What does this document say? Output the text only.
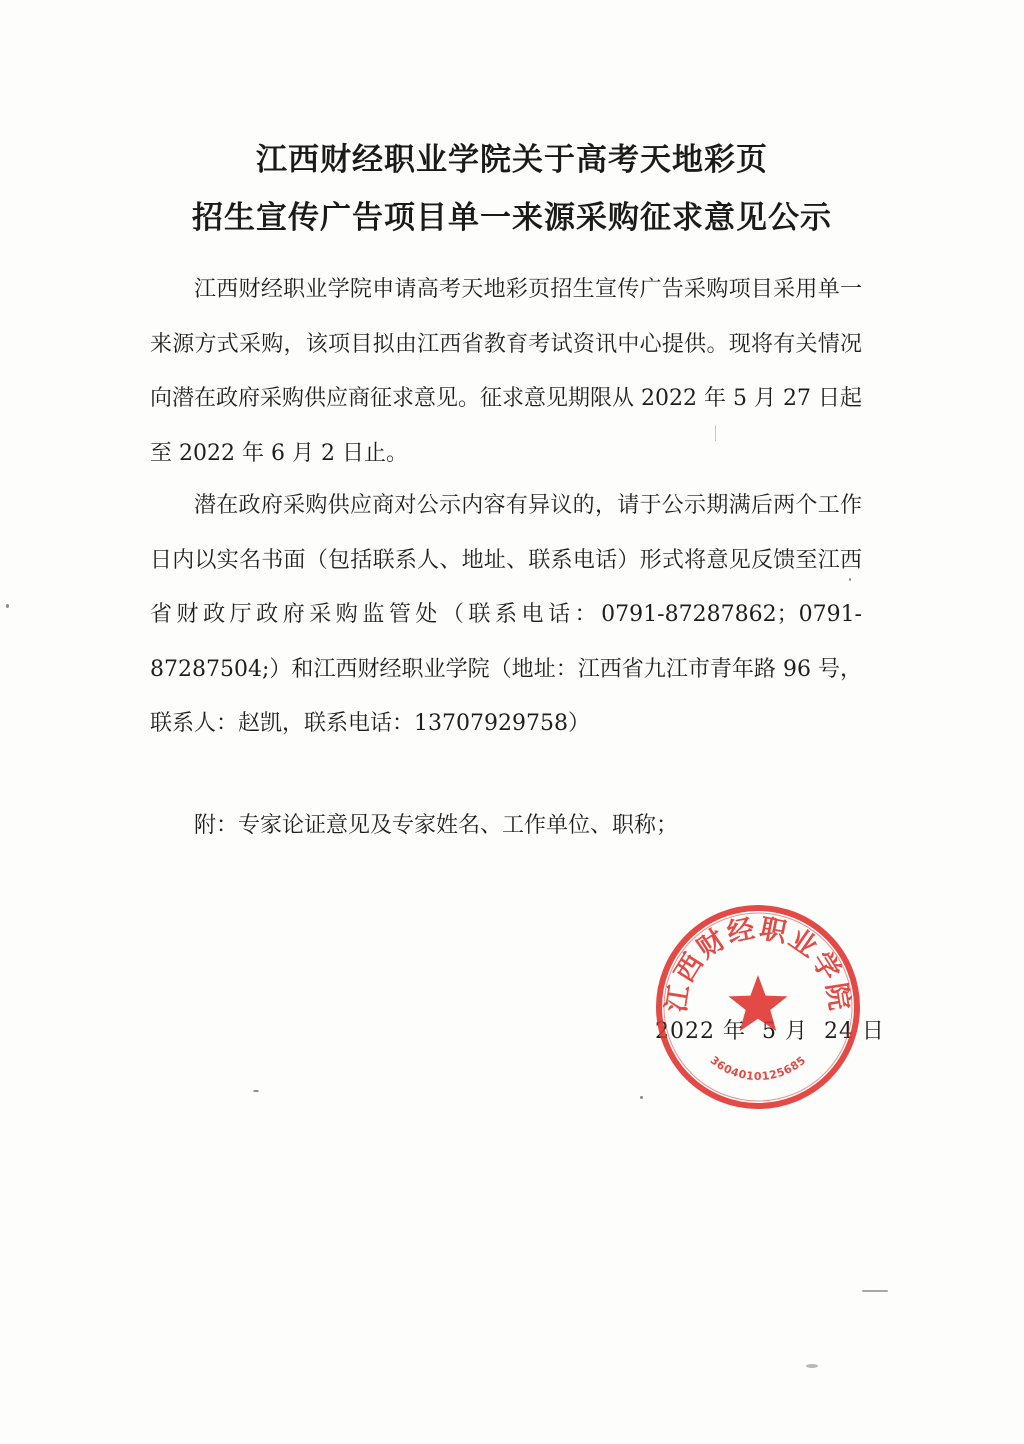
江西财经职业学院关于高考天地彩页
招生宣传广告项目单一来源采购征求意见公示

江西财经职业学院申请高考天地彩页招生宣传广告采购项目采用单一来源方式采购，该项目拟由江西省教育考试资讯中心提供。现将有关情况向潜在政府采购供应商征求意见。征求意见期限从 2022 年 5 月 27 日起至 2022 年 6 月 2 日止。

潜在政府采购供应商对公示内容有异议的，请于公示期满后两个工作日内以实名书面（包括联系人、地址、联系电话）形式将意见反馈至江西省财政厅政府采购监管处（联系电话：0791-87287862；0791-87287504;）和江西财经职业学院（地址：江西省九江市青年路 96 号，联系人：赵凯，联系电话：13707929758）

附：专家论证意见及专家姓名、工作单位、职称；

2022 年  5 月  24 日
江西财经职业学院
3604010125685
